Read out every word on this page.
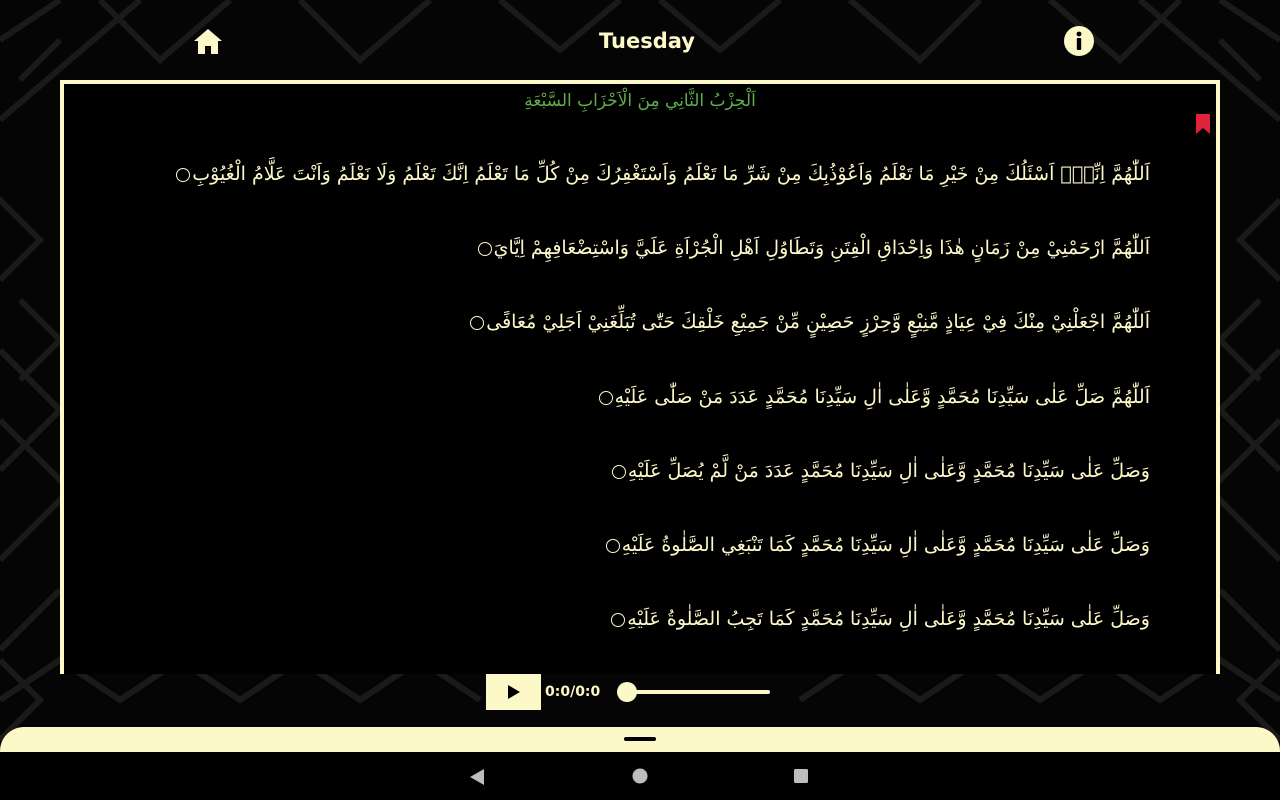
Tuesday
اَلْحِزْبُ الثَّانِي مِنَ الْاَحْزَابِ السَّبْعَةِ
اَللّٰهُمَّ اِنِّيْۤ اَسْئَلُكَ مِنْ خَيْرِ مَا تَعْلَمُ وَاَعُوْذُبِكَ مِنْ شَرِّ مَا تَعْلَمُ وَاَسْتَغْفِرُكَ مِنْ كُلِّ مَا تَعْلَمُ اِنَّكَ تَعْلَمُ وَلَا نَعْلَمُ وَاَنْتَ عَلَّامُ الْغُيُوْبِ
اَللّٰهُمَّ ارْحَمْنِيْ مِنْ زَمَانٍ هٰذَا وَاِحْدَاقِ الْفِتَنِ وَتَطَاوُلِ اَهْلِ الْجُرْاَةِ عَلَيَّ وَاسْتِضْعَافِهِمْ اِيَّايَ
اَللّٰهُمَّ اجْعَلْنِيْ مِنْكَ فِيْ عِيَاذٍ مَّنِيْعٍ وَّحِرْزٍ حَصِيْنٍ مِّنْ جَمِيْعِ خَلْقِكَ حَتّٰى تُبَلِّغَنِيْ اَجَلِيْ مُعَافًى
اَللّٰهُمَّ صَلِّ عَلٰى سَيِّدِنَا مُحَمَّدٍ وَّعَلٰى اٰلِ سَيِّدِنَا مُحَمَّدٍ عَدَدَ مَنْ صَلّٰى عَلَيْهِ
وَصَلِّ عَلٰى سَيِّدِنَا مُحَمَّدٍ وَّعَلٰى اٰلِ سَيِّدِنَا مُحَمَّدٍ عَدَدَ مَنْ لَّمْ يُصَلِّ عَلَيْهِ
وَصَلِّ عَلٰى سَيِّدِنَا مُحَمَّدٍ وَّعَلٰى اٰلِ سَيِّدِنَا مُحَمَّدٍ كَمَا تَنْبَغِي الصَّلٰوةُ عَلَيْهِ
وَصَلِّ عَلٰى سَيِّدِنَا مُحَمَّدٍ وَّعَلٰى اٰلِ سَيِّدِنَا مُحَمَّدٍ كَمَا تَجِبُ الصَّلٰوةُ عَلَيْهِ
0:0/0:0
